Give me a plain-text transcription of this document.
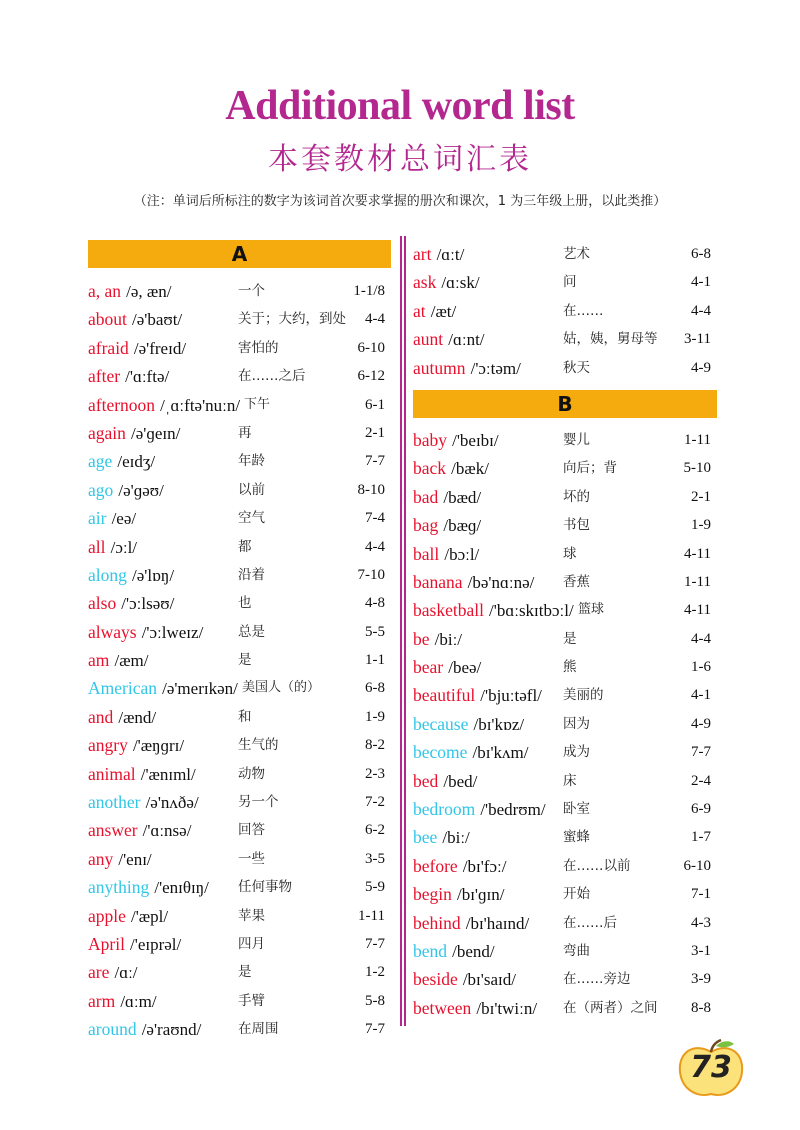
Additional word list
本套教材总词汇表
（注：单词后所标注的数字为该词首次要求掌握的册次和课次，1 为三年级上册，以此类推）
A
a, an /ə, æn/	一个	1-1/8
about /ə'baʊt/	关于；大约，到处 4-4
afraid /ə'freɪd/	害怕的	6-10
after /'ɑːftə/	在……之后	6-12
afternoon /ˌɑːftə'nuːn/ 下午	6-1
again /ə'ɡeɪn/	再	2-1
age /eɪdʒ/	年龄	7-7
ago /ə'ɡəʊ/	以前	8-10
air /eə/	空气	7-4
all /ɔːl/	都	4-4
along /ə'lɒŋ/	沿着	7-10
also /'ɔːlsəʊ/	也	4-8
always /'ɔːlweɪz/	总是	5-5
am /æm/	是	1-1
American /ə'merɪkən/ 美国人（的）	6-8
and /ænd/	和	1-9
angry /'æŋɡrɪ/	生气的	8-2
animal /'ænɪml/	动物	2-3
another /ə'nʌðə/	另一个	7-2
answer /'ɑːnsə/	回答	6-2
any /'enɪ/	一些	3-5
anything /'enɪθɪŋ/ 任何事物	5-9
apple /'æpl/	苹果	1-11
April /'eɪprəl/	四月	7-7
are /ɑː/	是	1-2
arm /ɑːm/	手臂	5-8
around /ə'raʊnd/	在周围	7-7
art /ɑːt/	艺术	6-8
ask /ɑːsk/	问	4-1
at /æt/	在……	4-4
aunt /ɑːnt/	姑，姨，舅母等 3-11
autumn /'ɔːtəm/	秋天	4-9
B
baby /'beɪbɪ/	婴儿	1-11
back /bæk/	向后；背	5-10
bad /bæd/	坏的	2-1
bag /bæɡ/	书包	1-9
ball /bɔːl/	球	4-11
banana /bə'nɑːnə/ 香蕉	1-11
basketball /'bɑːskɪtbɔːl/ 篮球	4-11
be /biː/	是	4-4
bear /beə/	熊	1-6
beautiful /'bjuːtəfl/ 美丽的	4-1
because /bɪ'kɒz/	因为	4-9
become /bɪ'kʌm/	成为	7-7
bed /bed/	床	2-4
bedroom /'bedrʊm/ 卧室	6-9
bee /biː/	蜜蜂	1-7
before /bɪ'fɔː/	在……以前	6-10
begin /bɪ'ɡɪn/	开始	7-1
behind /bɪ'haɪnd/	在……后	4-3
bend /bend/	弯曲	3-1
beside /bɪ'saɪd/	在……旁边	3-9
between /bɪ'twiːn/ 在（两者）之间 8-8
73
